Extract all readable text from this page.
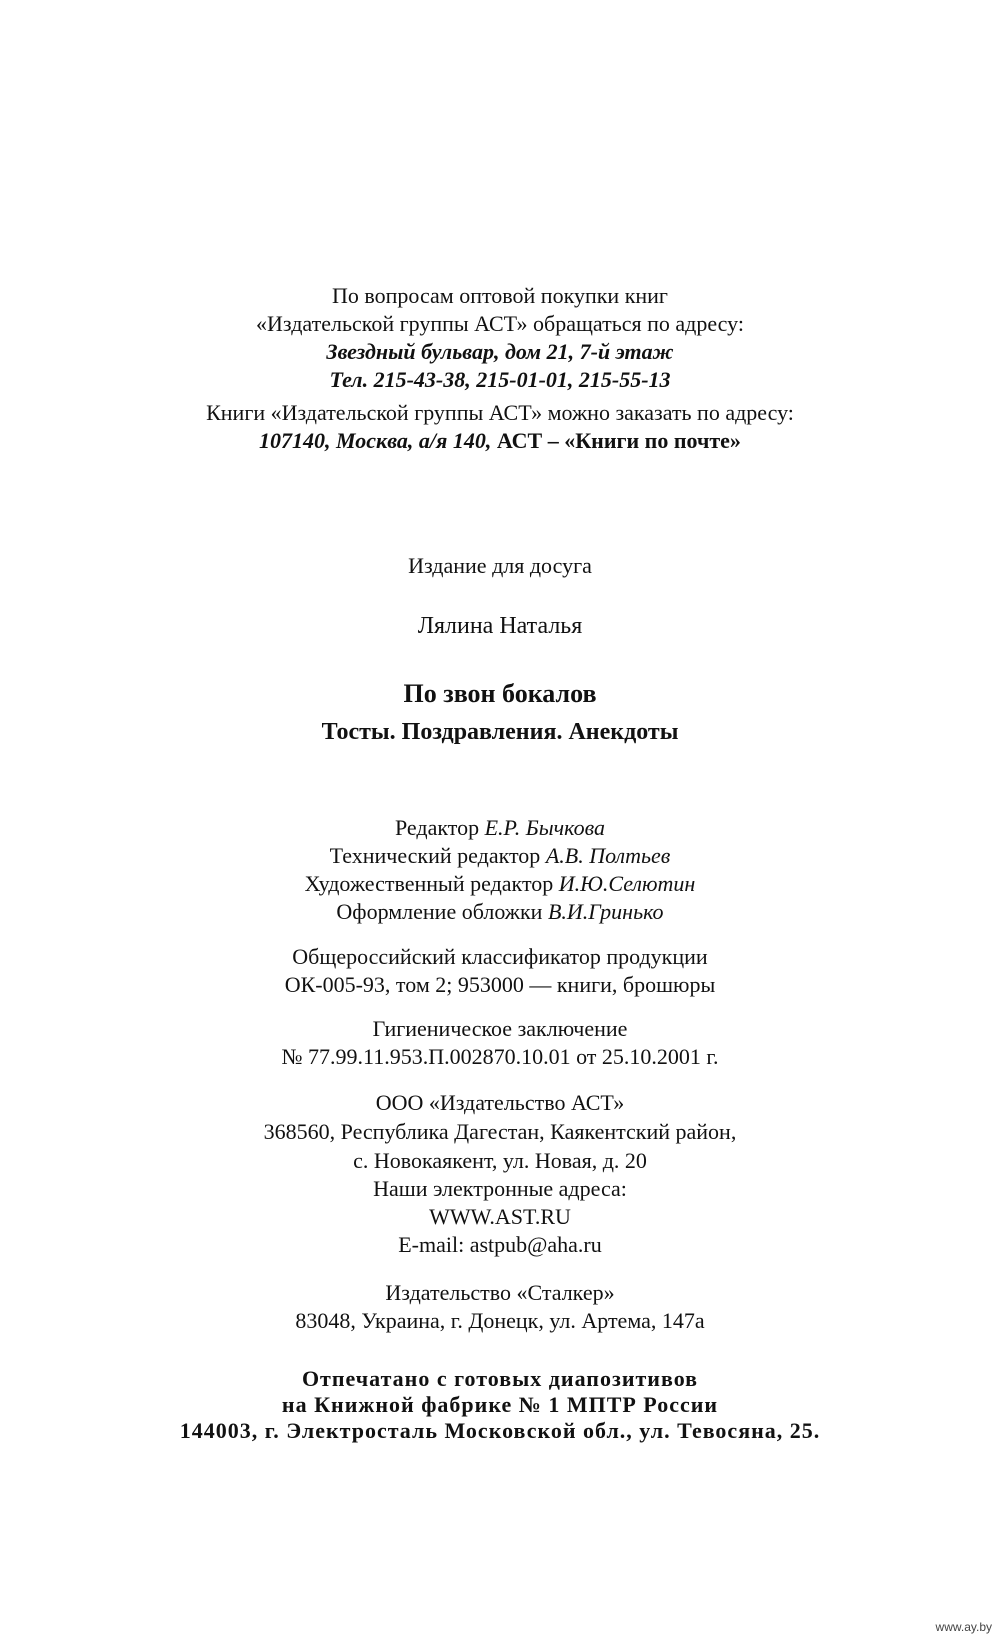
По вопросам оптовой покупки книг
«Издательской группы АСТ» обращаться по адресу:
Звездный бульвар, дом 21, 7-й этаж
Тел. 215-43-38, 215-01-01, 215-55-13
Книги «Издательской группы АСТ» можно заказать по адресу:
107140, Москва, а/я 140, АСТ – «Книги по почте»
Издание для досуга
Лялина Наталья
По звон бокалов
Тосты. Поздравления. Анекдоты
Редактор Е.Р. Бычкова
Технический редактор А.В. Полтьев
Художественный редактор И.Ю.Селютин
Оформление обложки В.И.Гринько
Общероссийский классификатор продукции
ОК-005-93, том 2; 953000 — книги, брошюры
Гигиеническое заключение
№ 77.99.11.953.П.002870.10.01 от 25.10.2001 г.
ООО «Издательство АСТ»
368560, Республика Дагестан, Каякентский район,
с. Новокаякент, ул. Новая, д. 20
Наши электронные адреса:
WWW.AST.RU
E-mail: astpub@aha.ru
Издательство «Сталкер»
83048, Украина, г. Донецк, ул. Артема, 147а
Отпечатано с готовых диапозитивов
на Книжной фабрике № 1 МПТР России
144003, г. Электросталь Московской обл., ул. Тевосяна, 25.
www.ay.by
